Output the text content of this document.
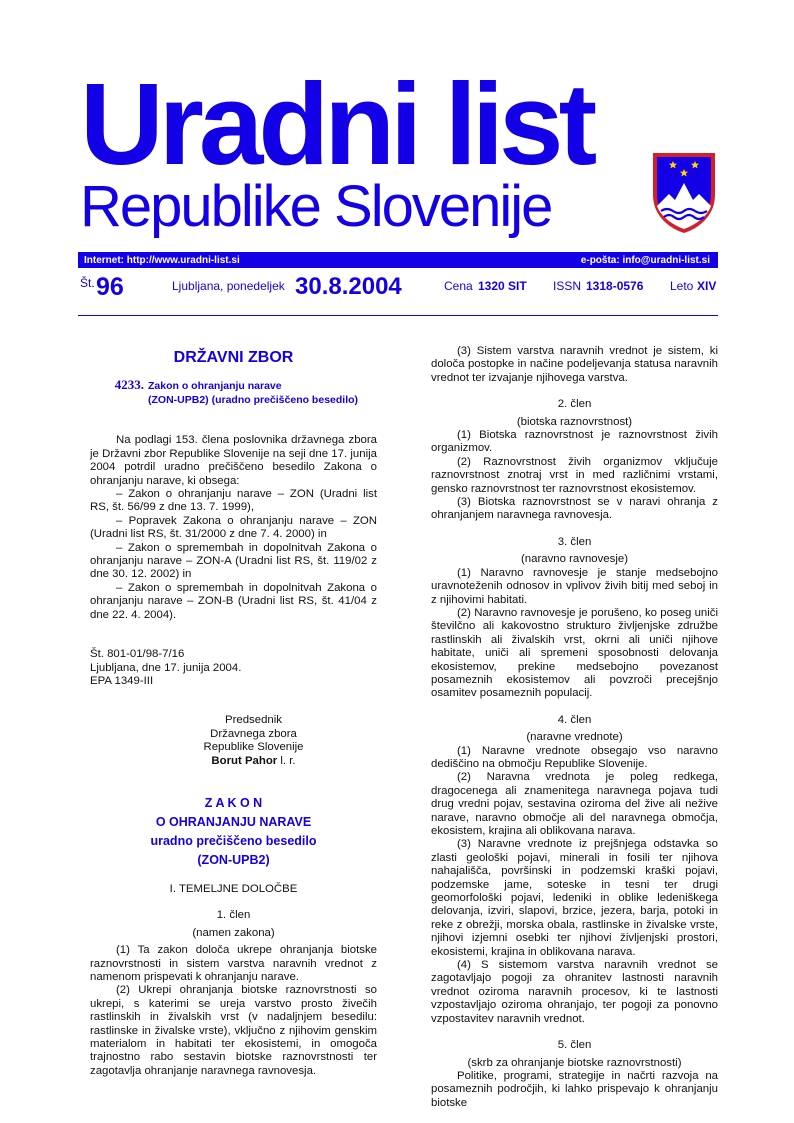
Uradni list
Republike Slovenije
Internet: http://www.uradni-list.si	e-pošta: info@uradni-list.si
Št. 96	Ljubljana, ponedeljek 30.8.2004	Cena 1320 SIT ISSN 1318-0576 Leto XIV
DRŽAVNI ZBOR
4233. Zakon o ohranjanju narave
(ZON-UPB2) (uradno prečiščeno besedilo)

Na podlagi 153. člena poslovnika državnega zbora je Državni zbor Republike Slovenije na seji dne 17. junija 2004 potrdil uradno prečiščeno besedilo Zakona o ohranjanju narave, ki obsega:

– Zakon o ohranjanju narave – ZON (Uradni list RS, št. 56/99 z dne 13. 7. 1999),

– Popravek Zakona o ohranjanju narave – ZON (Uradni list RS, št. 31/2000 z dne 7. 4. 2000) in

– Zakon o spremembah in dopolnitvah Zakona o ohranjanju narave – ZON-A (Uradni list RS, št. 119/02 z dne 30. 12. 2002) in

– Zakon o spremembah in dopolnitvah Zakona o ohranjanju narave – ZON-B (Uradni list RS, št. 41/04 z dne 22. 4. 2004).

Št. 801-01/98-7/16

Ljubljana, dne 17. junija 2004.

EPA 1349-III

Predsednik

Državnega zbora

Republike Slovenije

Borut Pahor l. r.

Z A K O N
O OHRANJANJU NARAVE
uradno prečiščeno besedilo
(ZON-UPB2)

I. TEMELJNE DOLOČBE

1. člen

(namen zakona)

(1) Ta zakon določa ukrepe ohranjanja biotske raznovrstnosti in sistem varstva naravnih vrednot z namenom prispevati k ohranjanju narave.

(2) Ukrepi ohranjanja biotske raznovrstnosti so ukrepi, s katerimi se ureja varstvo prosto živečih rastlinskih in živalskih vrst (v nadaljnjem besedilu: rastlinske in živalske vrste), vključno z njihovim genskim materialom in habitati ter ekosistemi, in omogoča trajnostno rabo sestavin biotske raznovrstnosti ter zagotavlja ohranjanje naravnega ravnovesja.

(3) Sistem varstva naravnih vrednot je sistem, ki določa postopke in načine podeljevanja statusa naravnih vrednot ter izvajanje njihovega varstva.

2. člen

(biotska raznovrstnost)

(1) Biotska raznovrstnost je raznovrstnost živih organizmov.

(2) Raznovrstnost živih organizmov vključuje raznovrstnost znotraj vrst in med različnimi vrstami, gensko raznovrstnost ter raznovrstnost ekosistemov.

(3) Biotska raznovrstnost se v naravi ohranja z ohranjanjem naravnega ravnovesja.

3. člen

(naravno ravnovesje)

(1) Naravno ravnovesje je stanje medsebojno uravnoteženih odnosov in vplivov živih bitij med seboj in z njihovimi habitati.

(2) Naravno ravnovesje je porušeno, ko poseg uniči številčno ali kakovostno strukturo življenjske združbe rastlinskih ali živalskih vrst, okrni ali uniči njihove habitate, uniči ali spremeni sposobnosti delovanja ekosistemov, prekine medsebojno povezanost posameznih ekosistemov ali povzroči precejšnjo osamitev posameznih populacij.

4. člen

(naravne vrednote)

(1) Naravne vrednote obsegajo vso naravno dediščino na območju Republike Slovenije.

(2) Naravna vrednota je poleg redkega, dragocenega ali znamenitega naravnega pojava tudi drug vredni pojav, sestavina oziroma del žive ali nežive narave, naravno območje ali del naravnega območja, ekosistem, krajina ali oblikovana narava.

(3) Naravne vrednote iz prejšnjega odstavka so zlasti geološki pojavi, minerali in fosili ter njihova nahajališča, površinski in podzemski kraški pojavi, podzemske jame, soteske in tesni ter drugi geomorfološki pojavi, ledeniki in oblike ledeniškega delovanja, izviri, slapovi, brzice, jezera, barja, potoki in reke z obrežji, morska obala, rastlinske in živalske vrste, njihovi izjemni osebki ter njihovi življenjski prostori, ekosistemi, krajina in oblikovana narava.

(4) S sistemom varstva naravnih vrednot se zagotavljajo pogoji za ohranitev lastnosti naravnih vrednot oziroma naravnih procesov, ki te lastnosti vzpostavljajo oziroma ohranjajo, ter pogoji za ponovno vzpostavitev naravnih vrednot.

5. člen

(skrb za ohranjanje biotske raznovrstnosti)

Politike, programi, strategije in načrti razvoja na posameznih področjih, ki lahko prispevajo k ohranjanju biotske
